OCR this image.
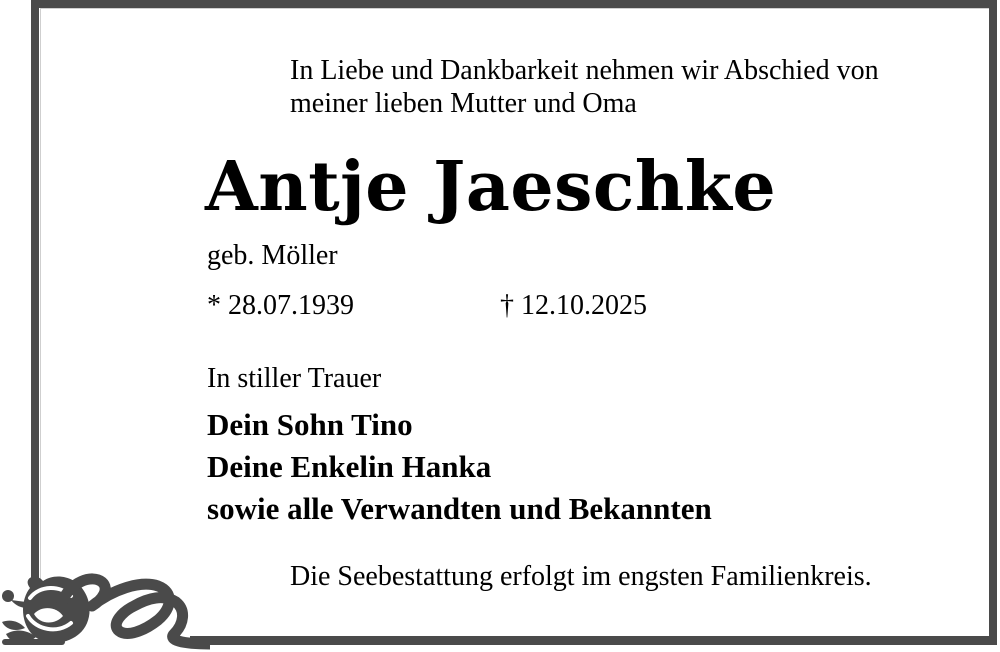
In Liebe und Dankbarkeit nehmen wir Abschied von
meiner lieben Mutter und Oma
Antje Jaeschke
geb. Möller
* 28.07.1939	† 12.10.2025
In stiller Trauer
Dein Sohn Tino
Deine Enkelin Hanka
sowie alle Verwandten und Bekannten
Die Seebestattung erfolgt im engsten Familienkreis.
